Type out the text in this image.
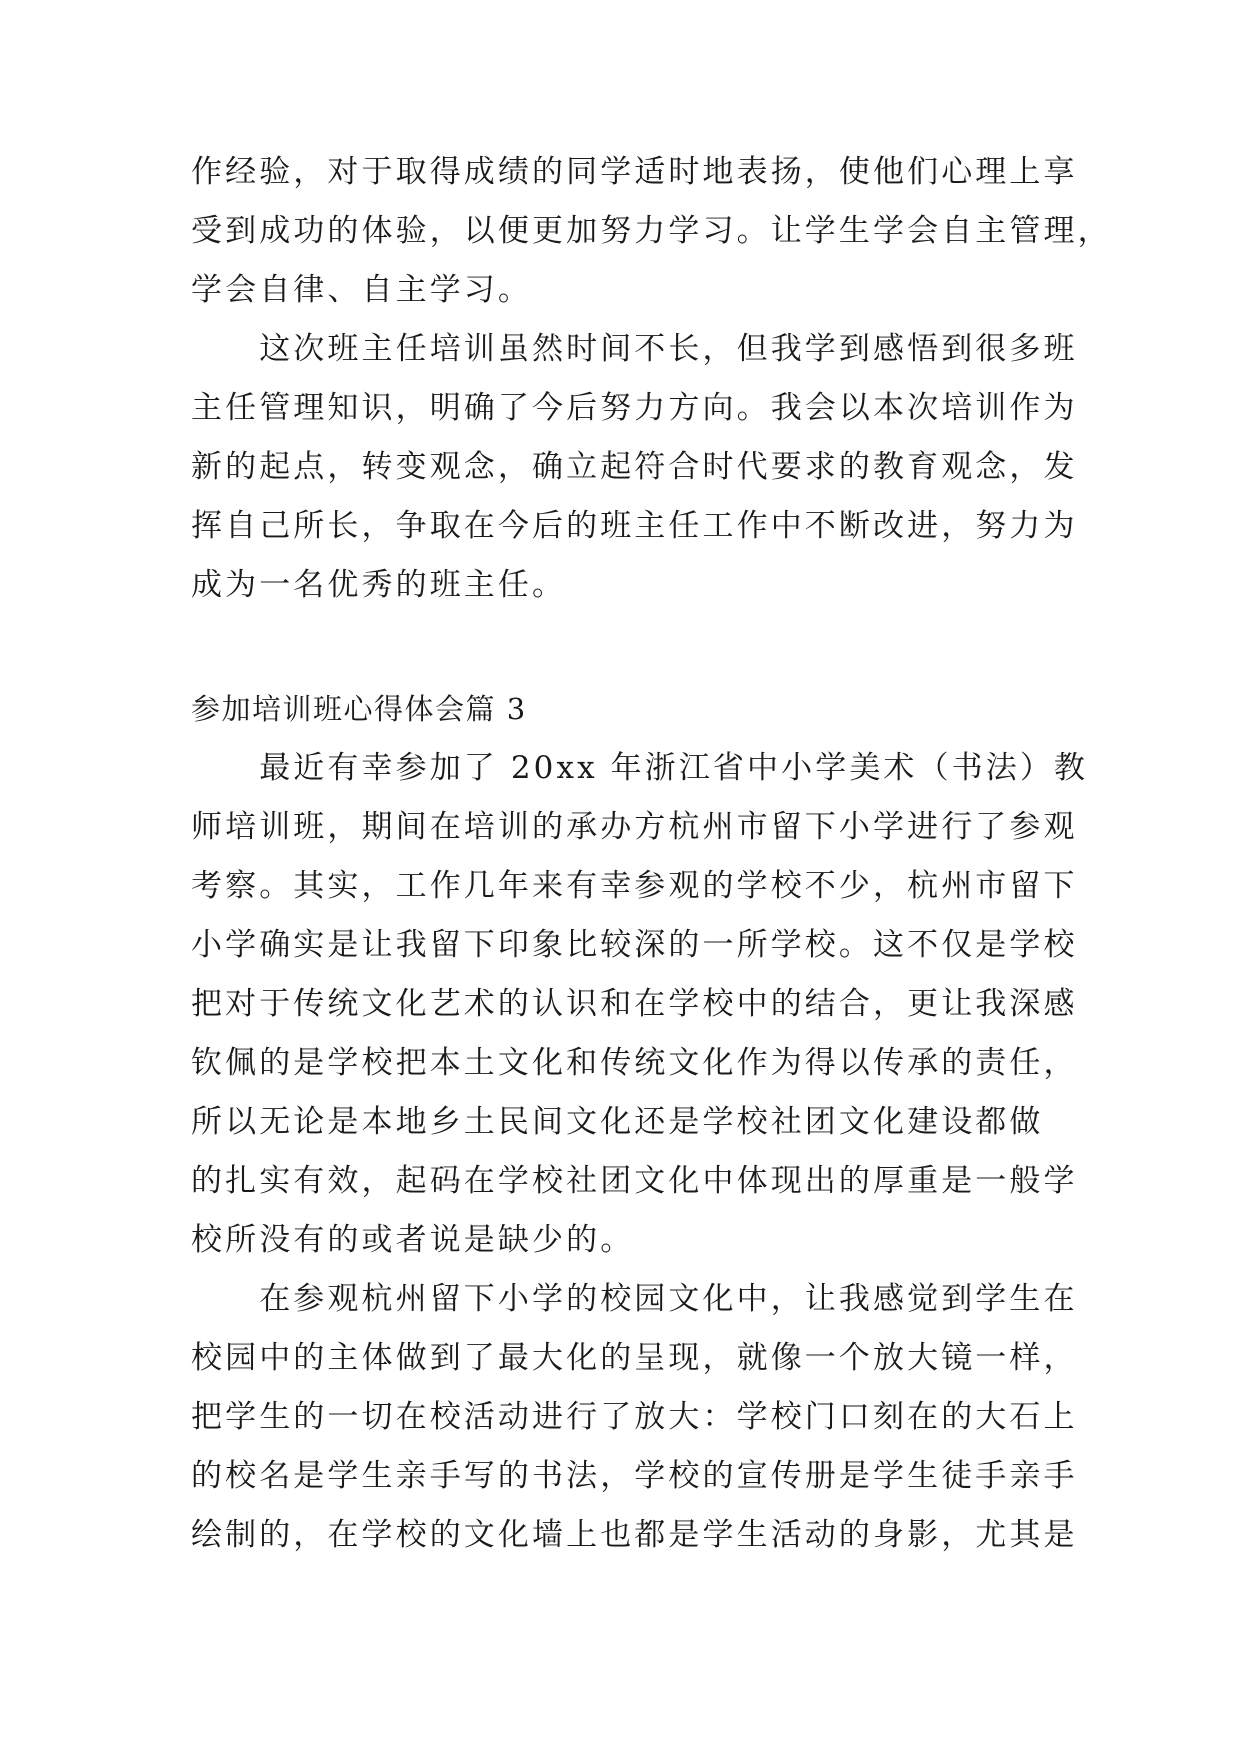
作经验，对于取得成绩的同学适时地表扬，使他们心理上享
受到成功的体验，以便更加努力学习。让学生学会自主管理，
学会自律、自主学习。
　　这次班主任培训虽然时间不长，但我学到感悟到很多班
主任管理知识，明确了今后努力方向。我会以本次培训作为
新的起点，转变观念，确立起符合时代要求的教育观念，发
挥自己所长，争取在今后的班主任工作中不断改进，努力为
成为一名优秀的班主任。
参加培训班心得体会篇 3
　　最近有幸参加了 20xx 年浙江省中小学美术（书法）教
师培训班，期间在培训的承办方杭州市留下小学进行了参观
考察。其实，工作几年来有幸参观的学校不少，杭州市留下
小学确实是让我留下印象比较深的一所学校。这不仅是学校
把对于传统文化艺术的认识和在学校中的结合，更让我深感
钦佩的是学校把本土文化和传统文化作为得以传承的责任，
所以无论是本地乡土民间文化还是学校社团文化建设都做
的扎实有效，起码在学校社团文化中体现出的厚重是一般学
校所没有的或者说是缺少的。
　　在参观杭州留下小学的校园文化中，让我感觉到学生在
校园中的主体做到了最大化的呈现，就像一个放大镜一样，
把学生的一切在校活动进行了放大：学校门口刻在的大石上
的校名是学生亲手写的书法，学校的宣传册是学生徒手亲手
绘制的，在学校的文化墙上也都是学生活动的身影，尤其是
